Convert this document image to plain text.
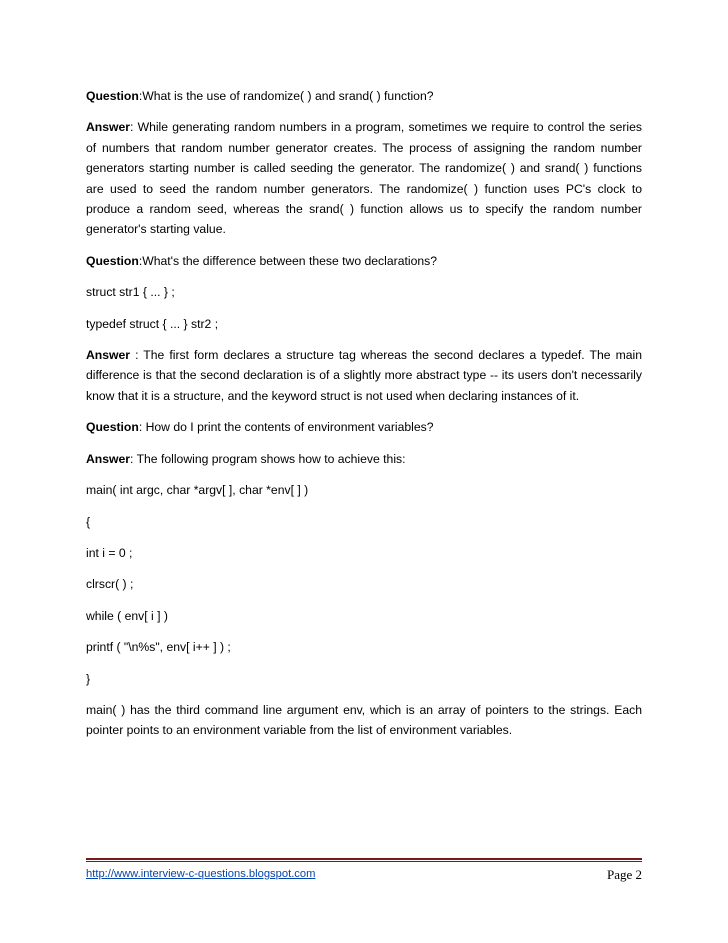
Question:What is the use of randomize( ) and srand( ) function?

Answer: While generating random numbers in a program, sometimes we require to control the series of numbers that random number generator creates. The process of assigning the random number generators starting number is called seeding the generator. The randomize( ) and srand( ) functions are used to seed the random number generators. The randomize( ) function uses PC's clock to produce a random seed, whereas the srand( ) function allows us to specify the random number generator's starting value.

Question:What's the difference between these two declarations?

struct str1 { ... } ;

typedef struct { ... } str2 ;

Answer : The first form declares a structure tag whereas the second declares a typedef. The main difference is that the second declaration is of a slightly more abstract type -- its users don't necessarily know that it is a structure, and the keyword struct is not used when declaring instances of it.

Question: How do I print the contents of environment variables?

Answer: The following program shows how to achieve this:

main( int argc, char *argv[ ], char *env[ ] )

{

int i = 0 ;

clrscr( ) ;

while ( env[ i ] )

printf ( "\n%s", env[ i++ ] ) ;

}

main( ) has the third command line argument env, which is an array of pointers to the strings. Each pointer points to an environment variable from the list of environment variables.

http://www.interview-c-questions.blogspot.com	Page 2
